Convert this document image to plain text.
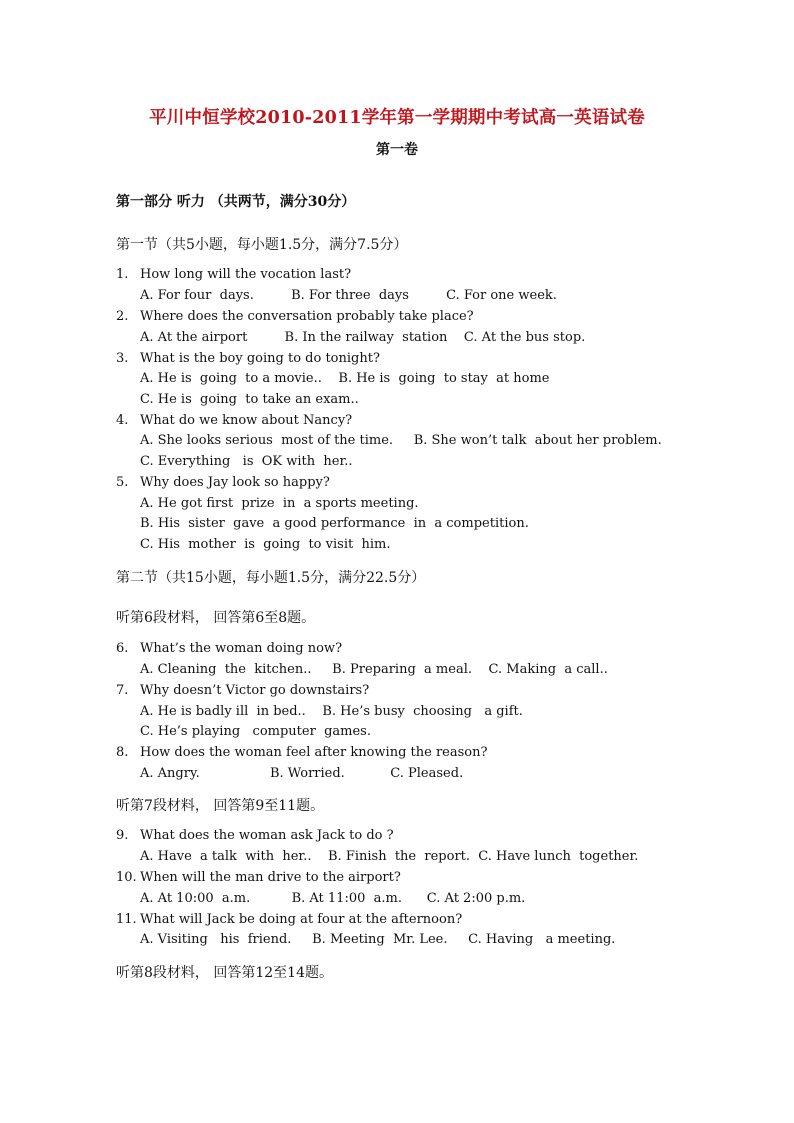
平川中恒学校2010-2011学年第一学期期中考试高一英语试卷
第一卷
第一部分 听力 （共两节，满分30分）
第一节（共5小题，每小题1.5分，满分7.5分）
1. How long will the vocation last?
A. For four  days.	B. For three  days	C. For one week.
2. Where does the conversation probably take place?
A. At the airport	B. In the railway  station C. At the bus stop.
3. What is the boy going to do tonight?
A. He is  going  to a movie.. B. He is  going  to stay  at home
C. He is  going  to take an exam..
4. What do we know about Nancy?
A. She looks serious  most of the time. B. She won’t talk  about her problem.
C. Everything   is  OK with  her..
5. Why does Jay look so happy?
A. He got first  prize  in  a sports meeting.
B. His  sister  gave  a good performance  in  a competition.
C. His  mother  is  going  to visit  him.
第二节（共15小题，每小题1.5分，满分22.5分）
听第6段材料， 回答第6至8题。
6. What’s the woman doing now?
A. Cleaning  the  kitchen.. B. Preparing  a meal. C. Making  a call..
7. Why doesn’t Victor go downstairs?
A. He is badly ill  in bed.. B. He’s busy  choosing   a gift.
C. He’s playing   computer  games.
8. How does the woman feel after knowing the reason?
A. Angry.	B. Worried.	C. Pleased.
听第7段材料， 回答第9至11题。
9. What does the woman ask Jack to do ?
A. Have  a talk  with  her.. B. Finish  the  report. C. Have lunch  together.
10. When will the man drive to the airport?
A. At 10:00  a.m.	B. At 11:00  a.m. C. At 2:00 p.m.
11. What will Jack be doing at four at the afternoon?
A. Visiting   his  friend. B. Meeting  Mr. Lee. C. Having   a meeting.
听第8段材料， 回答第12至14题。
